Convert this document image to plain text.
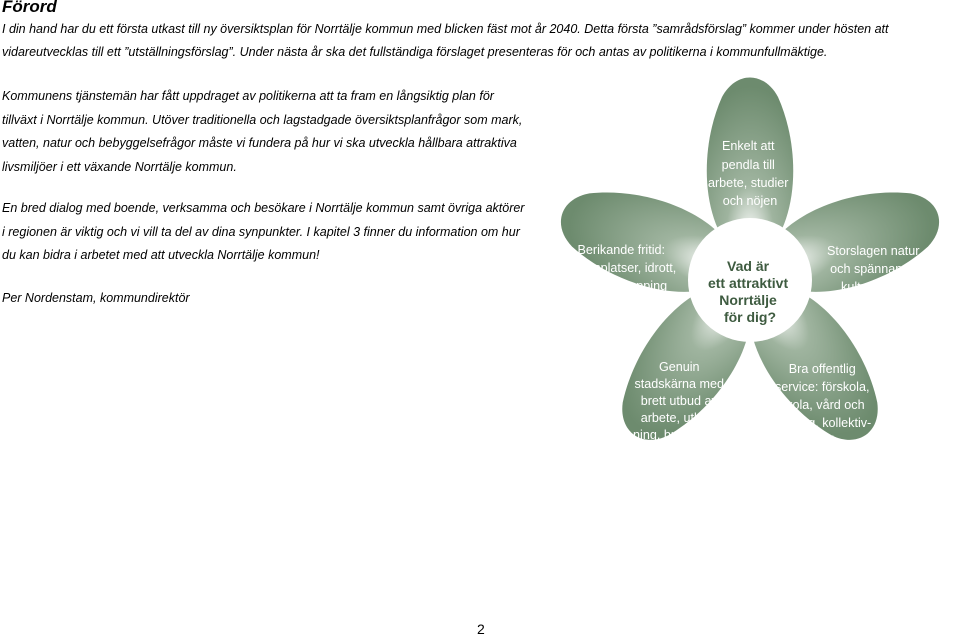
Förord

I din hand har du ett första utkast till ny översiktsplan för Norrtälje kommun med blicken fäst mot år 2040. Detta första ”samrådsförslag” kommer under hösten att vidareutvecklas till ett ”utställningsförslag”. Under nästa år ska det fullständiga förslaget presenteras för och antas av politikerna i kommunfullmäktige.

Kommunens tjänstemän har fått uppdraget av politikerna att ta fram en långsiktig plan för tillväxt i Norrtälje kommun. Utöver traditionella och lagstadgade översiktsplanfrågor som mark, vatten, natur och bebyggelsefrågor måste vi fundera på hur vi ska utveckla hållbara attraktiva livsmiljöer i ett växande Norrtälje kommun.

En bred dialog med boende, verksamma och besökare i Norrtälje kommun samt övriga aktörer i regionen är viktig och vi vill ta del av dina synpunkter. I kapitel 3 finner du information om hur du kan bidra i arbetet med att utveckla Norrtälje kommun!

Per Nordenstam, kommundirektör

Vad är ett attraktivt Norrtälje för dig?
Enkelt att pendla till arbete, studier och nöjen
Storslagen natur och spännande kulturmiljöer
Bra offentlig service: förskola, skola, vård och omsorg, kollektiv- trafik
Genuin stadskärna med brett utbud av arbete, utbild- ning, butiker och restauranger
Berikande fritid: mötesplatser, idrott, kultur, shopping
2
